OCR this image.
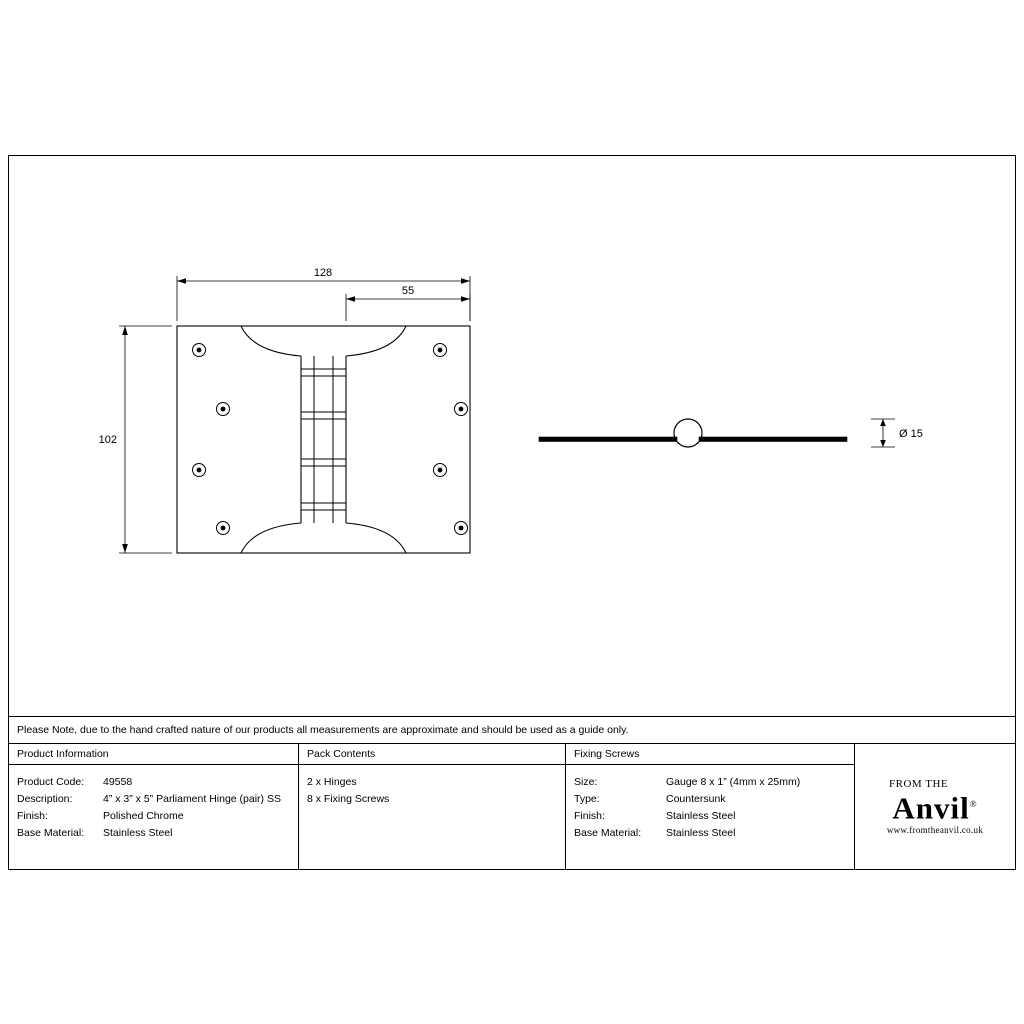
128
55
102	Ø 15
Please Note, due to the hand crafted nature of our products all measurements are approximate and should be used as a guide only.
Product Information
Product Code:	49558
Description:	4” x 3” x 5” Parliament Hinge (pair) SS
Finish:	Polished Chrome
Base Material:	Stainless Steel
Pack Contents
2 x Hinges
8 x Fixing Screws
Fixing Screws
Size:	Gauge 8 x 1” (4mm x 25mm)
Type:	Countersunk
Finish:	Stainless Steel
Base Material:	Stainless Steel
FROM THE
Anvil®
www.fromtheanvil.co.uk
